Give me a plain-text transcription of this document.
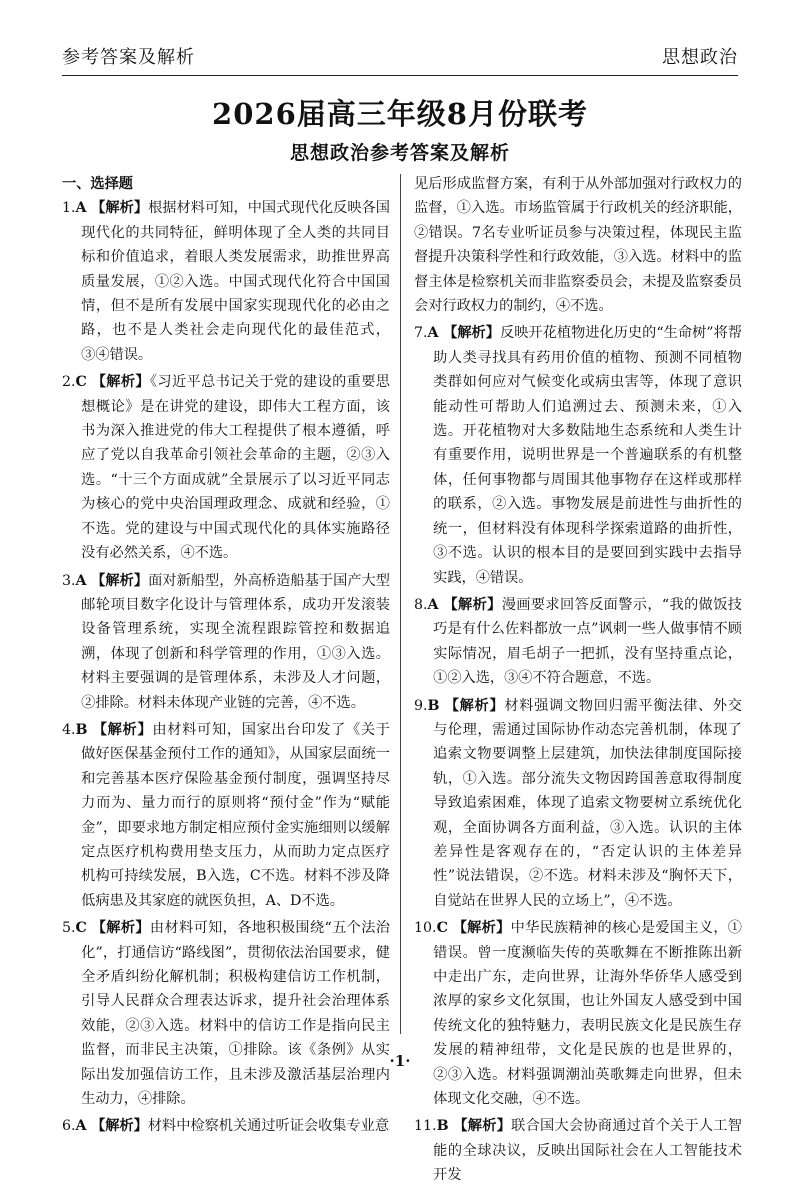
参考答案及解析	思想政治
2026届高三年级8月份联考
思想政治参考答案及解析

一、选择题

1.A 【解析】根据材料可知，中国式现代化反映各国现代化的共同特征，鲜明体现了全人类的共同目标和价值追求，着眼人类发展需求，助推世界高质量发展，①②入选。中国式现代化符合中国国情，但不是所有发展中国家实现现代化的必由之路，也不是人类社会走向现代化的最佳范式，③④错误。

2.C 【解析】《习近平总书记关于党的建设的重要思想概论》是在讲党的建设，即伟大工程方面，该书为深入推进党的伟大工程提供了根本遵循，呼应了党以自我革命引领社会革命的主题，②③入选。“十三个方面成就”全景展示了以习近平同志为核心的党中央治国理政理念、成就和经验，①不选。党的建设与中国式现代化的具体实施路径没有必然关系，④不选。

3.A 【解析】面对新船型，外高桥造船基于国产大型邮轮项目数字化设计与管理体系，成功开发滚装设备管理系统，实现全流程跟踪管控和数据追溯，体现了创新和科学管理的作用，①③入选。材料主要强调的是管理体系，未涉及人才问题，②排除。材料未体现产业链的完善，④不选。

4.B 【解析】由材料可知，国家出台印发了《关于做好医保基金预付工作的通知》，从国家层面统一和完善基本医疗保险基金预付制度，强调坚持尽力而为、量力而行的原则将“预付金”作为“赋能金”，即要求地方制定相应预付金实施细则以缓解定点医疗机构费用垫支压力，从而助力定点医疗机构可持续发展，B入选，C不选。材料不涉及降低病患及其家庭的就医负担，A、D不选。

5.C 【解析】由材料可知，各地积极围绕“五个法治化”，打通信访“路线图”，贯彻依法治国要求，健全矛盾纠纷化解机制；积极构建信访工作机制，引导人民群众合理表达诉求，提升社会治理体系效能，②③入选。材料中的信访工作是指向民主监督，而非民主决策，①排除。该《条例》从实际出发加强信访工作，且未涉及激活基层治理内生动力，④排除。

6.A 【解析】材料中检察机关通过听证会收集专业意

见后形成监督方案，有利于从外部加强对行政权力的监督，①入选。市场监管属于行政机关的经济职能，②错误。7名专业听证员参与决策过程，体现民主监督提升决策科学性和行政效能，③入选。材料中的监督主体是检察机关而非监察委员会，未提及监察委员会对行政权力的制约，④不选。

7.A 【解析】反映开花植物进化历史的“生命树”将帮助人类寻找具有药用价值的植物、预测不同植物类群如何应对气候变化或病虫害等，体现了意识能动性可帮助人们追溯过去、预测未来，①入选。开花植物对大多数陆地生态系统和人类生计有重要作用，说明世界是一个普遍联系的有机整体，任何事物都与周围其他事物存在这样或那样的联系，②入选。事物发展是前进性与曲折性的统一，但材料没有体现科学探索道路的曲折性，③不选。认识的根本目的是要回到实践中去指导实践，④错误。

8.A 【解析】漫画要求回答反面警示，“我的做饭技巧是有什么佐料都放一点”讽刺一些人做事情不顾实际情况，眉毛胡子一把抓，没有坚持重点论，①②入选，③④不符合题意，不选。

9.B 【解析】材料强调文物回归需平衡法律、外交与伦理，需通过国际协作动态完善机制，体现了追索文物要调整上层建筑，加快法律制度国际接轨，①入选。部分流失文物因跨国善意取得制度导致追索困难，体现了追索文物要树立系统优化观，全面协调各方面利益，③入选。认识的主体差异性是客观存在的，“否定认识的主体差异性”说法错误，②不选。材料未涉及“胸怀天下，自觉站在世界人民的立场上”，④不选。

10.C 【解析】中华民族精神的核心是爱国主义，①错误。曾一度濒临失传的英歌舞在不断推陈出新中走出广东，走向世界，让海外华侨华人感受到浓厚的家乡文化氛围，也让外国友人感受到中国传统文化的独特魅力，表明民族文化是民族生存发展的精神纽带，文化是民族的也是世界的，②③入选。材料强调潮汕英歌舞走向世界，但未体现文化交融，④不选。

11.B 【解析】联合国大会协商通过首个关于人工智能的全球决议，反映出国际社会在人工智能技术开发

·1·
